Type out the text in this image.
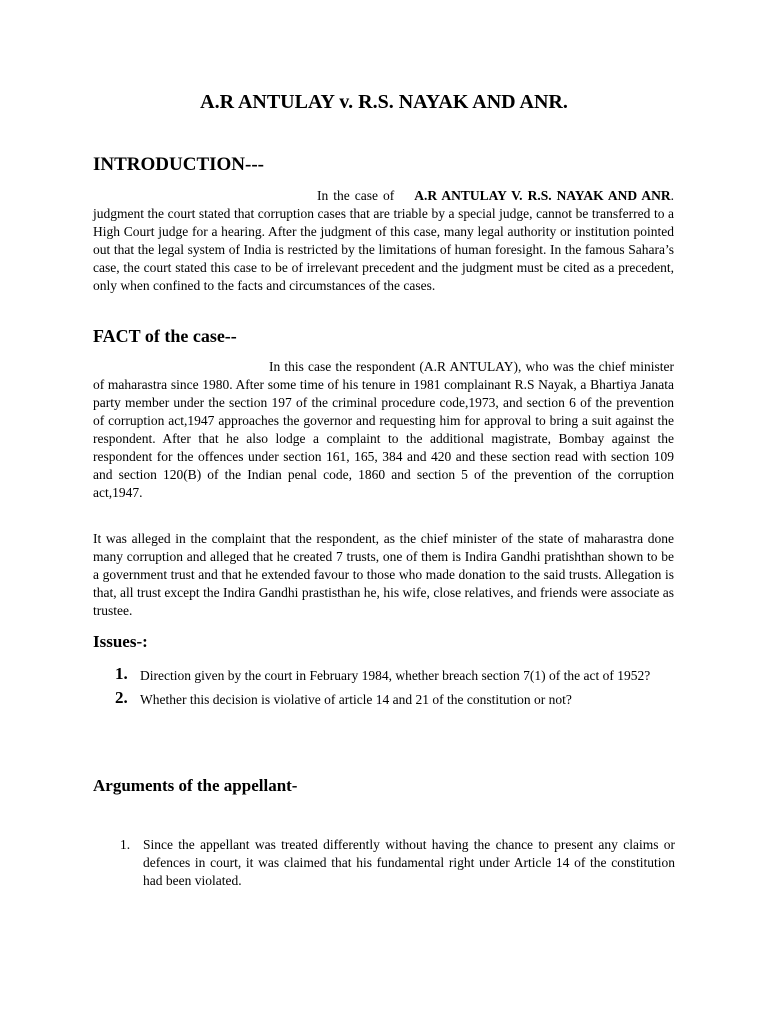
A.R ANTULAY v. R.S. NAYAK AND ANR.
INTRODUCTION---

In the case of A.R ANTULAY V. R.S. NAYAK AND ANR. judgment the court stated that corruption cases that are triable by a special judge, cannot be transferred to a High Court judge for a hearing. After the judgment of this case, many legal authority or institution pointed out that the legal system of India is restricted by the limitations of human foresight. In the famous Sahara’s case, the court stated this case to be of irrelevant precedent and the judgment must be cited as a precedent, only when confined to the facts and circumstances of the cases.

FACT of the case--

In this case the respondent (A.R ANTULAY), who was the chief minister of maharastra since 1980. After some time of his tenure in 1981 complainant R.S Nayak, a Bhartiya Janata party member under the section 197 of the criminal procedure code,1973, and section 6 of the prevention of corruption act,1947 approaches the governor and requesting him for approval to bring a suit against the respondent. After that he also lodge a complaint to the additional magistrate, Bombay against the respondent for the offences under section 161, 165, 384 and 420 and these section read with section 109 and section 120(B) of the Indian penal code, 1860 and section 5 of the prevention of the corruption act,1947.

It was alleged in the complaint that the respondent, as the chief minister of the state of maharastra done many corruption and alleged that he created 7 trusts, one of them is Indira Gandhi pratishthan shown to be a government trust and that he extended favour to those who made donation to the said trusts. Allegation is that, all trust except the Indira Gandhi prastisthan he, his wife, close relatives, and friends were associate as trustee.

Issues-:
1. Direction given by the court in February 1984, whether breach section 7(1) of the act of 1952?
2. Whether this decision is violative of article 14 and 21 of the constitution or not?
Arguments of the appellant-
1. Since the appellant was treated differently without having the chance to present any claims or defences in court, it was claimed that his fundamental right under Article 14 of the constitution had been violated.
